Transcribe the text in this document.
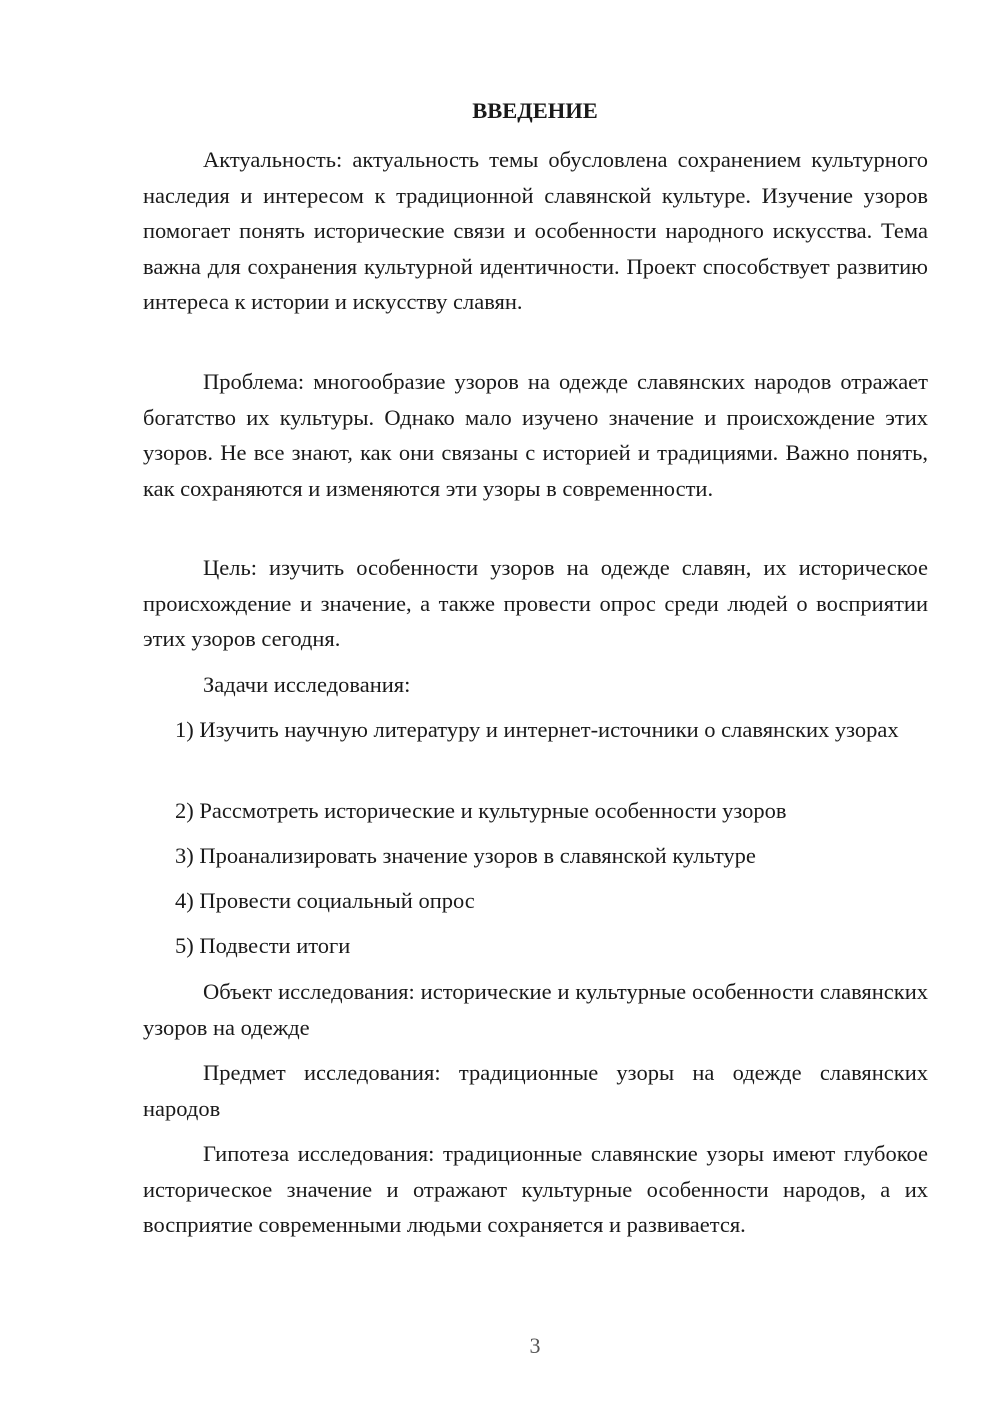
ВВЕДЕНИЕ

Актуальность: актуальность темы обусловлена сохранением культурного наследия и интересом к традиционной славянской культуре. Изучение узоров помогает понять исторические связи и особенности народного искусства. Тема важна для сохранения культурной идентичности. Проект способствует развитию интереса к истории и искусству славян.

Проблема: многообразие узоров на одежде славянских народов отражает богатство их культуры. Однако мало изучено значение и происхождение этих узоров. Не все знают, как они связаны с историей и традициями. Важно понять, как сохраняются и изменяются эти узоры в современности.

Цель: изучить особенности узоров на одежде славян, их историческое происхождение и значение, а также провести опрос среди людей о восприятии этих узоров сегодня.

Задачи исследования:

1) Изучить научную литературу и интернет-источники о славянских узорах

2) Рассмотреть исторические и культурные особенности узоров

3) Проанализировать значение узоров в славянской культуре

4) Провести социальный опрос

5) Подвести итоги

Объект исследования: исторические и культурные особенности славянских узоров на одежде

Предмет исследования: традиционные узоры на одежде славянских народов

Гипотеза исследования: традиционные славянские узоры имеют глубокое историческое значение и отражают культурные особенности народов, а их восприятие современными людьми сохраняется и развивается.

3
